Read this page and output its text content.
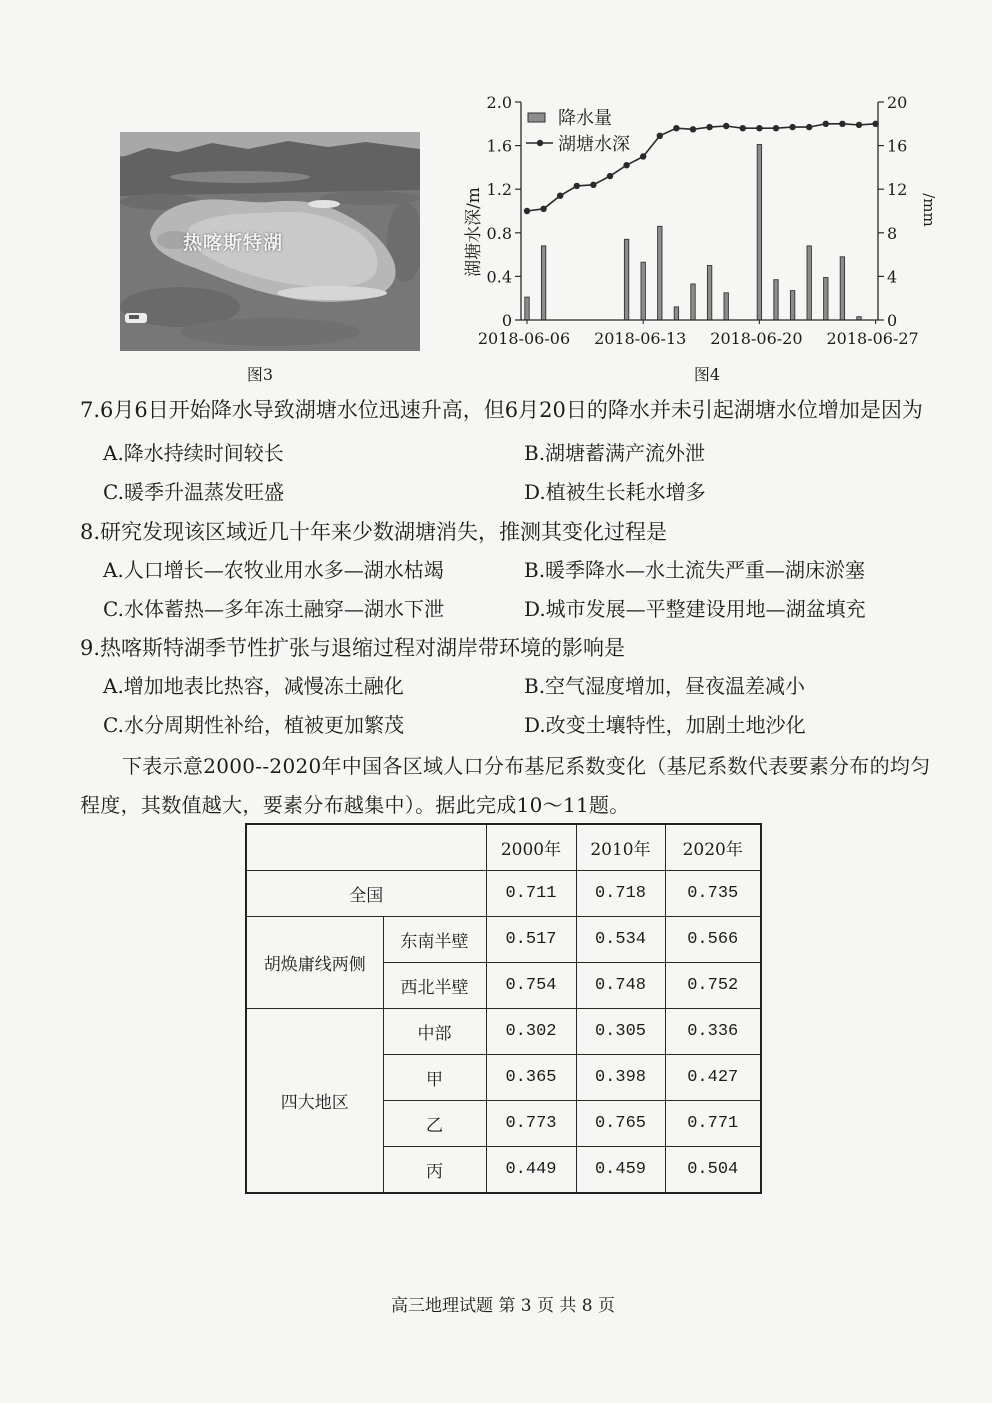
热喀斯特湖
图3
降水量
湖塘水深
湖塘水深/m	/mm
0
0.4
0.8
1.2
1.6
2.0
0
4
8
12
16
20
2018-06-06 2018-06-13 2018-06-20 2018-06-27
图4
7.6月6日开始降水导致湖塘水位迅速升高，但6月20日的降水并未引起湖塘水位增加是因为
A.降水持续时间较长	B.湖塘蓄满产流外泄
C.暖季升温蒸发旺盛	D.植被生长耗水增多
8.研究发现该区域近几十年来少数湖塘消失，推测其变化过程是
A.人口增长—农牧业用水多—湖水枯竭	B.暖季降水—水土流失严重—湖床淤塞
C.水体蓄热—多年冻土融穿—湖水下泄	D.城市发展—平整建设用地—湖盆填充
9.热喀斯特湖季节性扩张与退缩过程对湖岸带环境的影响是
A.增加地表比热容，减慢冻土融化	B.空气湿度增加，昼夜温差减小
C.水分周期性补给，植被更加繁茂	D.改变土壤特性，加剧土地沙化

下表示意2000--2020年中国各区域人口分布基尼系数变化（基尼系数代表要素分布的均匀程度，其数值越大，要素分布越集中）。据此完成10～11题。

		2000年	2010年	2020年
全国		0.711	0.718	0.735
胡焕庸线两侧	东南半壁	0.517	0.534	0.566
	西北半壁	0.754	0.748	0.752
四大地区	中部	0.302	0.305	0.336
	甲	0.365	0.398	0.427
	乙	0.773	0.765	0.771
	丙	0.449	0.459	0.504
高三地理试题 第 3 页 共 8 页
